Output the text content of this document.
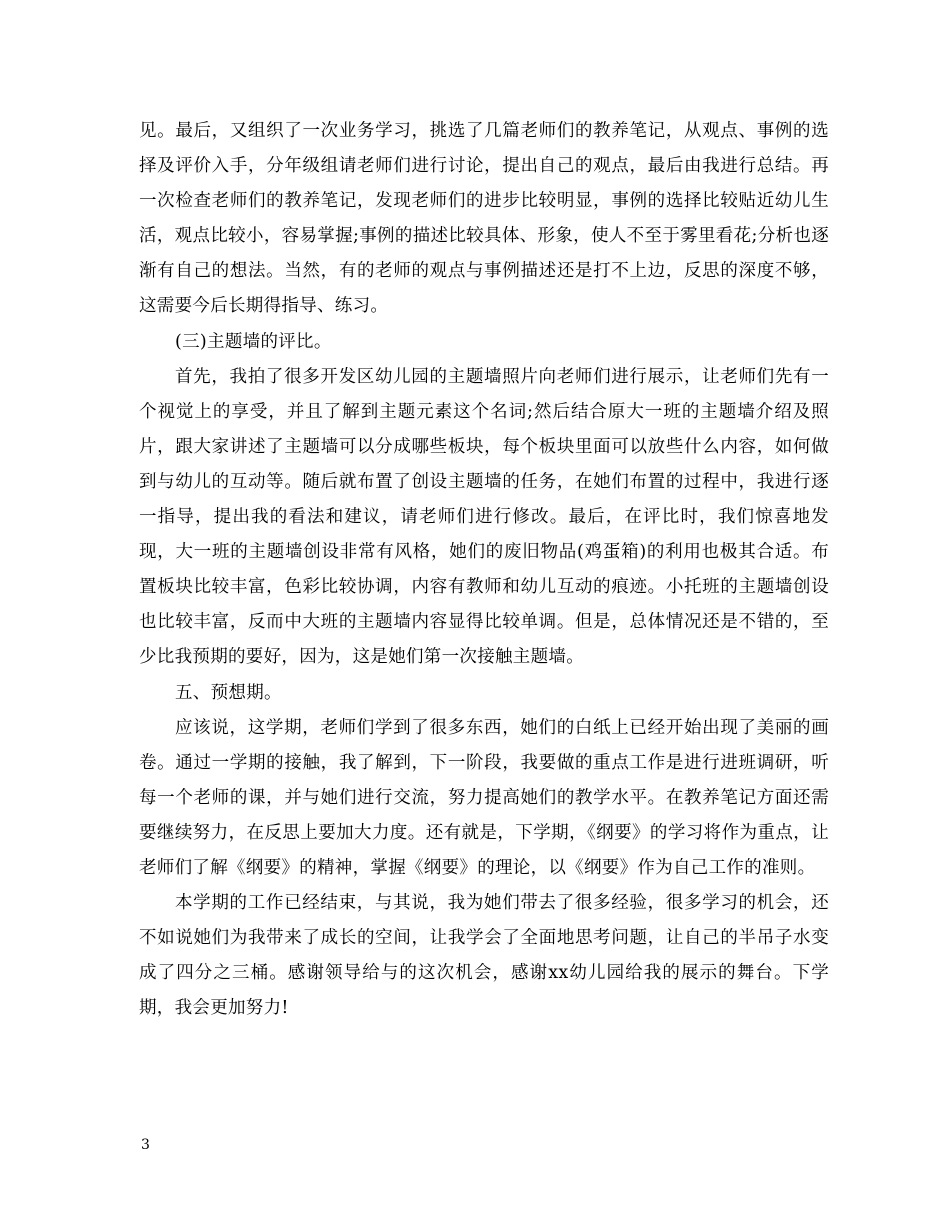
见。最后，又组织了一次业务学习，挑选了几篇老师们的教养笔记，从观点、事例的选择及评价入手，分年级组请老师们进行讨论，提出自己的观点，最后由我进行总结。再一次检查老师们的教养笔记，发现老师们的进步比较明显，事例的选择比较贴近幼儿生活，观点比较小，容易掌握;事例的描述比较具体、形象，使人不至于雾里看花;分析也逐渐有自己的想法。当然，有的老师的观点与事例描述还是打不上边，反思的深度不够，这需要今后长期得指导、练习。

(三)主题墙的评比。

首先，我拍了很多开发区幼儿园的主题墙照片向老师们进行展示，让老师们先有一个视觉上的享受，并且了解到主题元素这个名词;然后结合原大一班的主题墙介绍及照片，跟大家讲述了主题墙可以分成哪些板块，每个板块里面可以放些什么内容，如何做到与幼儿的互动等。随后就布置了创设主题墙的任务，在她们布置的过程中，我进行逐一指导，提出我的看法和建议，请老师们进行修改。最后，在评比时，我们惊喜地发现，大一班的主题墙创设非常有风格，她们的废旧物品(鸡蛋箱)的利用也极其合适。布置板块比较丰富，色彩比较协调，内容有教师和幼儿互动的痕迹。小托班的主题墙创设也比较丰富，反而中大班的主题墙内容显得比较单调。但是，总体情况还是不错的，至少比我预期的要好，因为，这是她们第一次接触主题墙。

五、预想期。

应该说，这学期，老师们学到了很多东西，她们的白纸上已经开始出现了美丽的画卷。通过一学期的接触，我了解到，下一阶段，我要做的重点工作是进行进班调研，听每一个老师的课，并与她们进行交流，努力提高她们的教学水平。在教养笔记方面还需要继续努力，在反思上要加大力度。还有就是，下学期，《纲要》的学习将作为重点，让老师们了解《纲要》的精神，掌握《纲要》的理论，以《纲要》作为自己工作的准则。

本学期的工作已经结束，与其说，我为她们带去了很多经验，很多学习的机会，还不如说她们为我带来了成长的空间，让我学会了全面地思考问题，让自己的半吊子水变成了四分之三桶。感谢领导给与的这次机会，感谢xx幼儿园给我的展示的舞台。下学期，我会更加努力!

3
